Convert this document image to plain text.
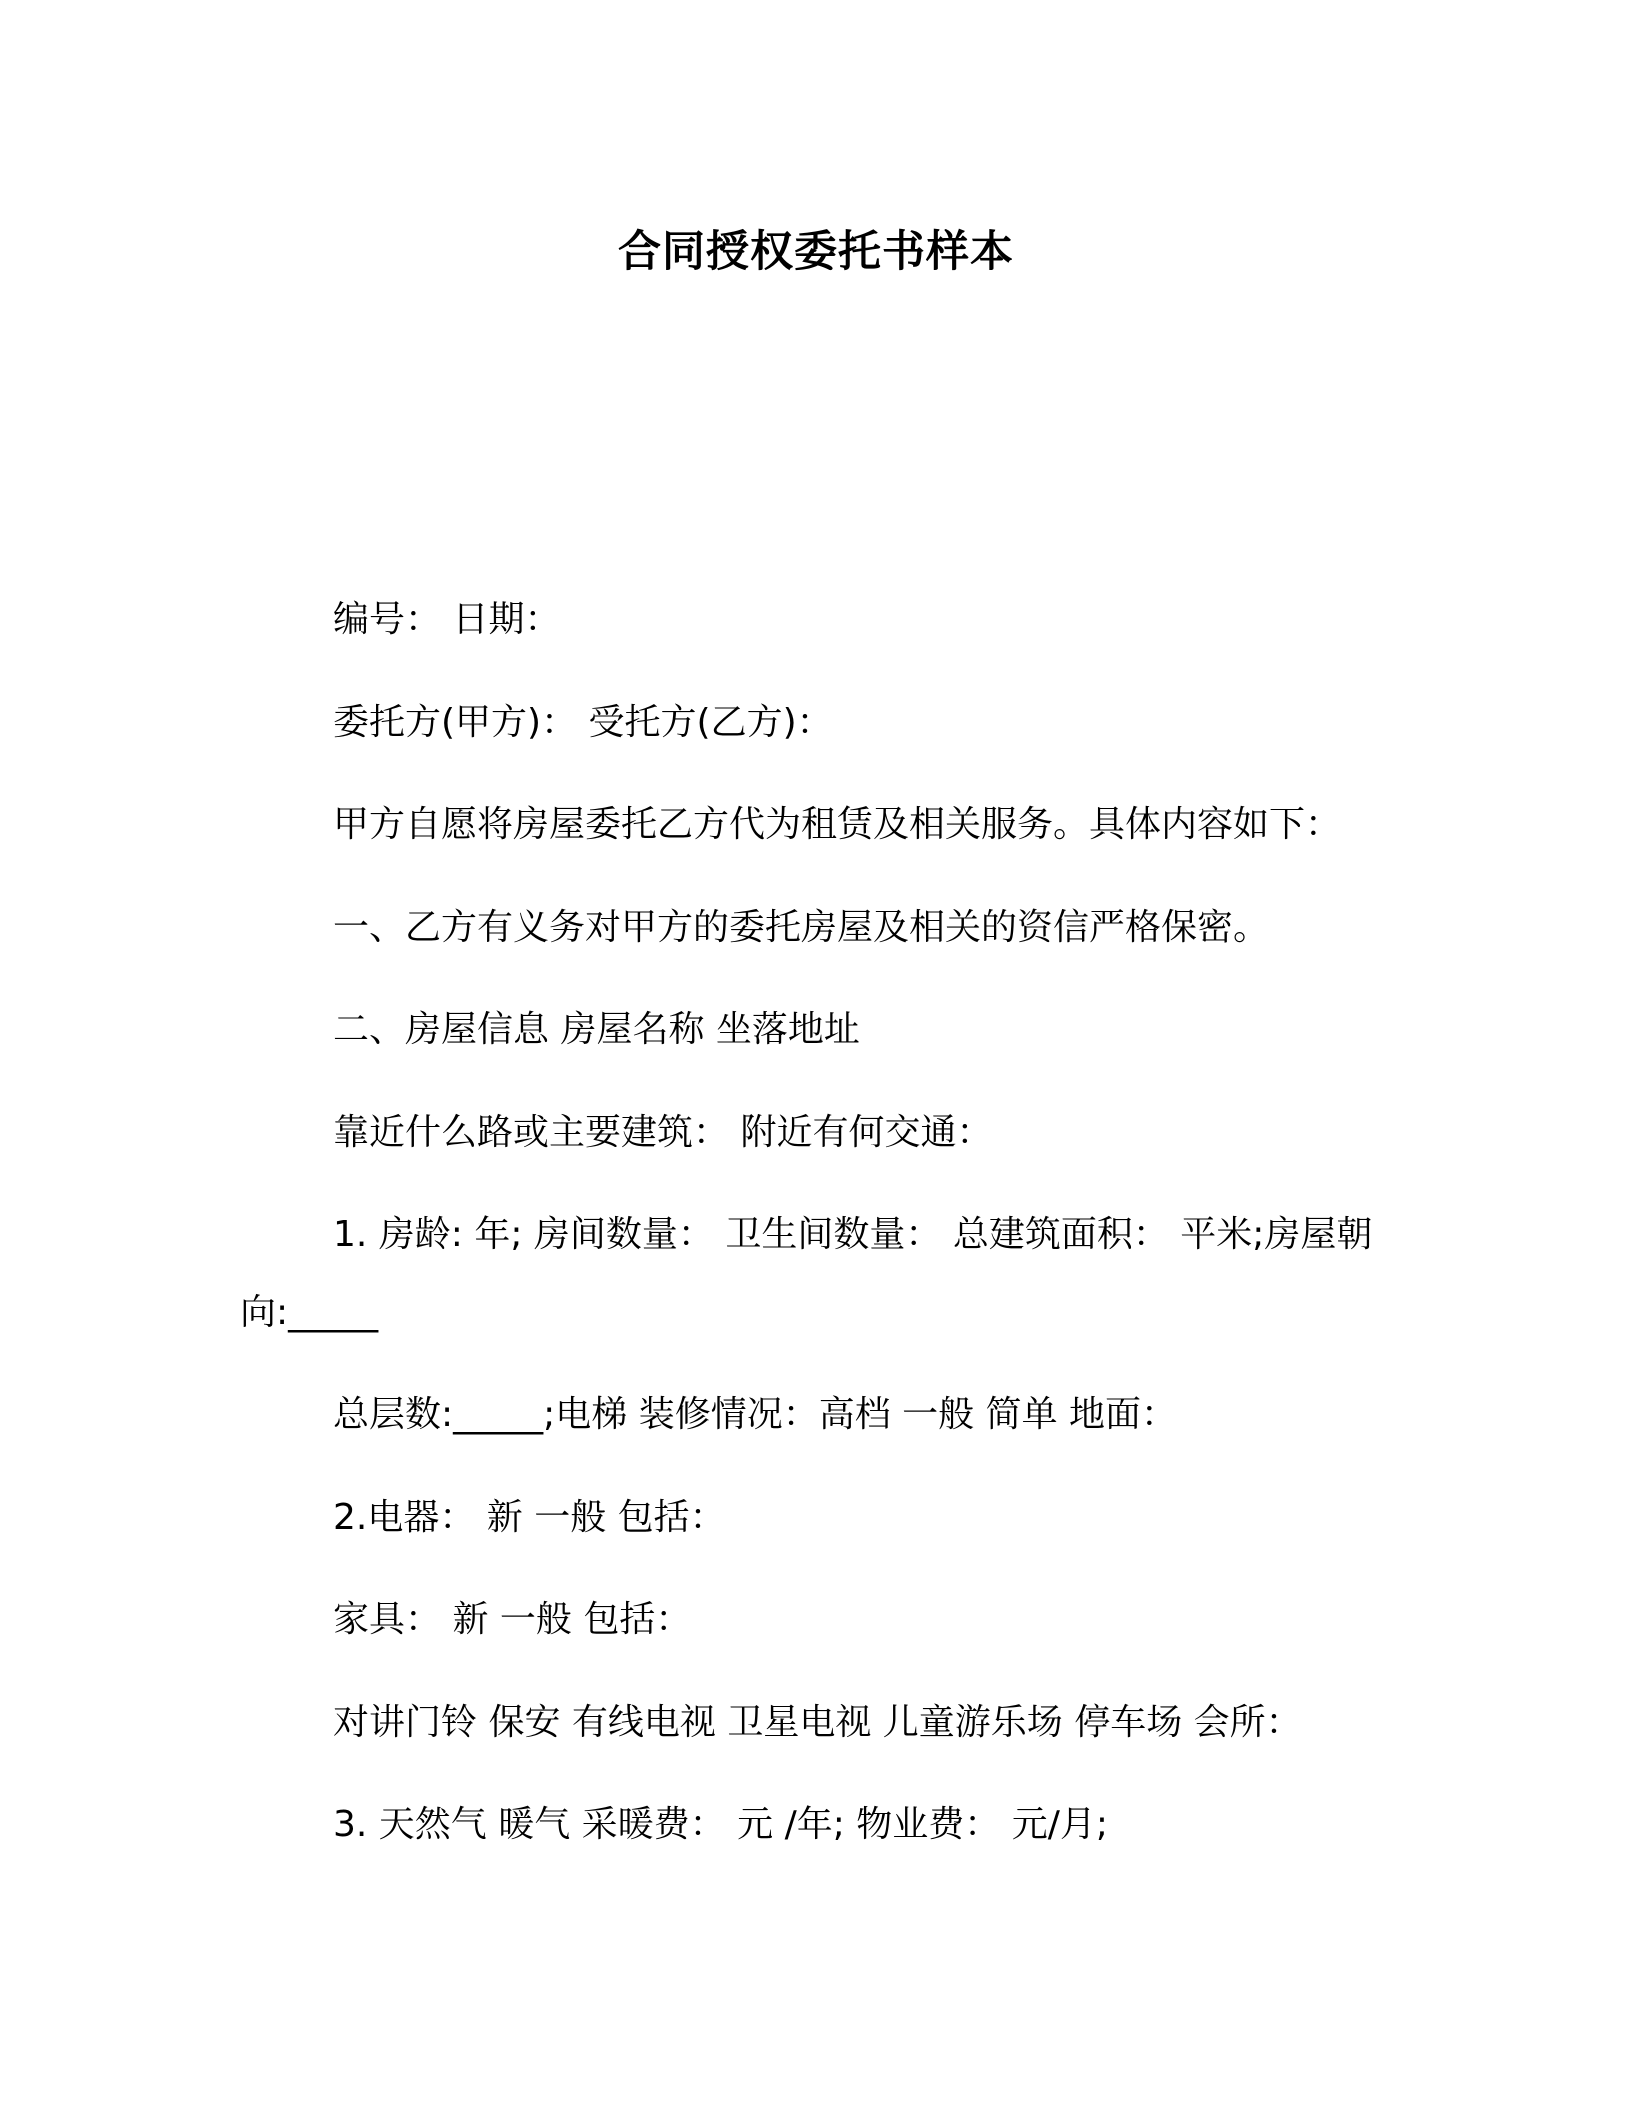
合同授权委托书样本
编号： 日期：
委托方(甲方)： 受托方(乙方)：
甲方自愿将房屋委托乙方代为租赁及相关服务。具体内容如下：
一、乙方有义务对甲方的委托房屋及相关的资信严格保密。
二、房屋信息 房屋名称 坐落地址
靠近什么路或主要建筑： 附近有何交通：
1. 房龄: 年; 房间数量： 卫生间数量： 总建筑面积： 平米;房屋朝
向:_____
总层数:_____;电梯 装修情况：高档 一般 简单 地面：
2.电器： 新 一般 包括：
家具： 新 一般 包括：
对讲门铃 保安 有线电视 卫星电视 儿童游乐场 停车场 会所：
3. 天然气 暖气 采暖费： 元 /年; 物业费： 元/月;
